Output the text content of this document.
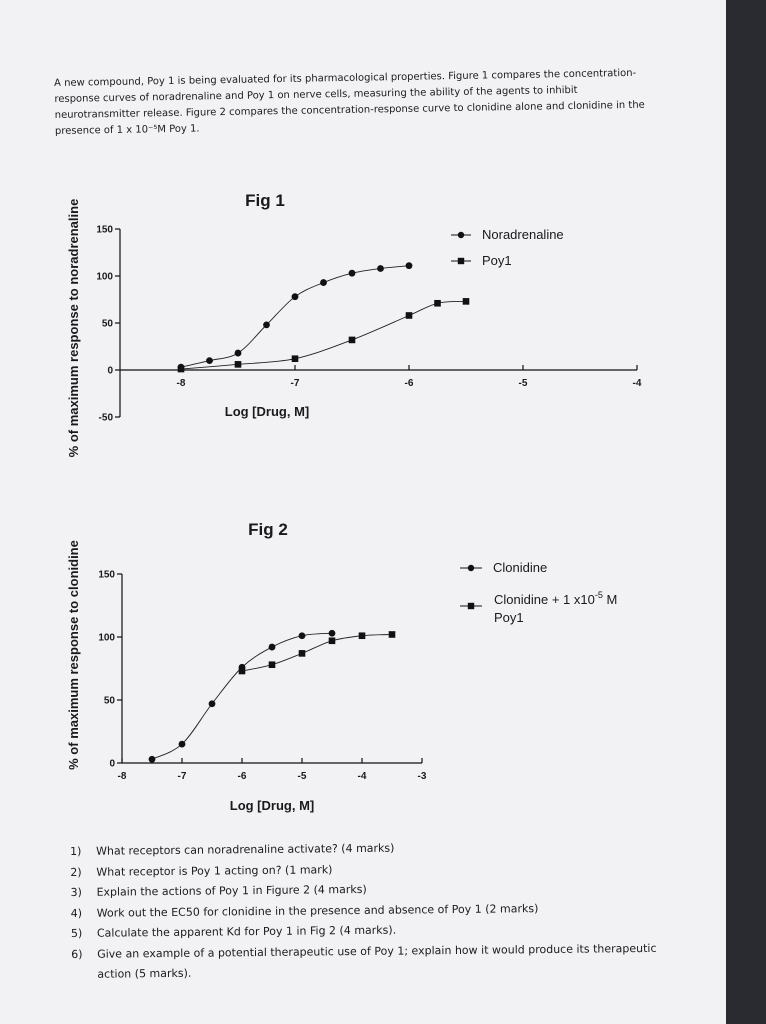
A new compound, Poy 1 is being evaluated for its pharmacological properties. Figure 1 compares the concentration-response curves of noradrenaline and Poy 1 on nerve cells, measuring the ability of the agents to inhibit neurotransmitter release. Figure 2 compares the concentration-response curve to clonidine alone and clonidine in the presence of 1 x 10⁻⁵M Poy 1.

% of maximum response to noradrenaline	Fig 1
150
100
50
0
-50
-8	-7	-6	-5	-4
Log [Drug, M]
Noradrenaline
Poy1
% of maximum response to clonidine
Fig 2
150
100
50
0
-8	-7	-6	-5	-4	-3
Log [Drug, M]
Clonidine
Clonidine + 1 $x10^{-5}$ M
Poy1
1)	What receptors can noradrenaline activate? (4 marks)
2)	What receptor is Poy 1 acting on? (1 mark)
3)	Explain the actions of Poy 1 in Figure 2 (4 marks)
4)	Work out the EC50 for clonidine in the presence and absence of Poy 1 (2 marks)
5)	Calculate the apparent Kd for Poy 1 in Fig 2 (4 marks).
6)	Give an example of a potential therapeutic use of Poy 1; explain how it would produce its therapeutic action (5 marks).
